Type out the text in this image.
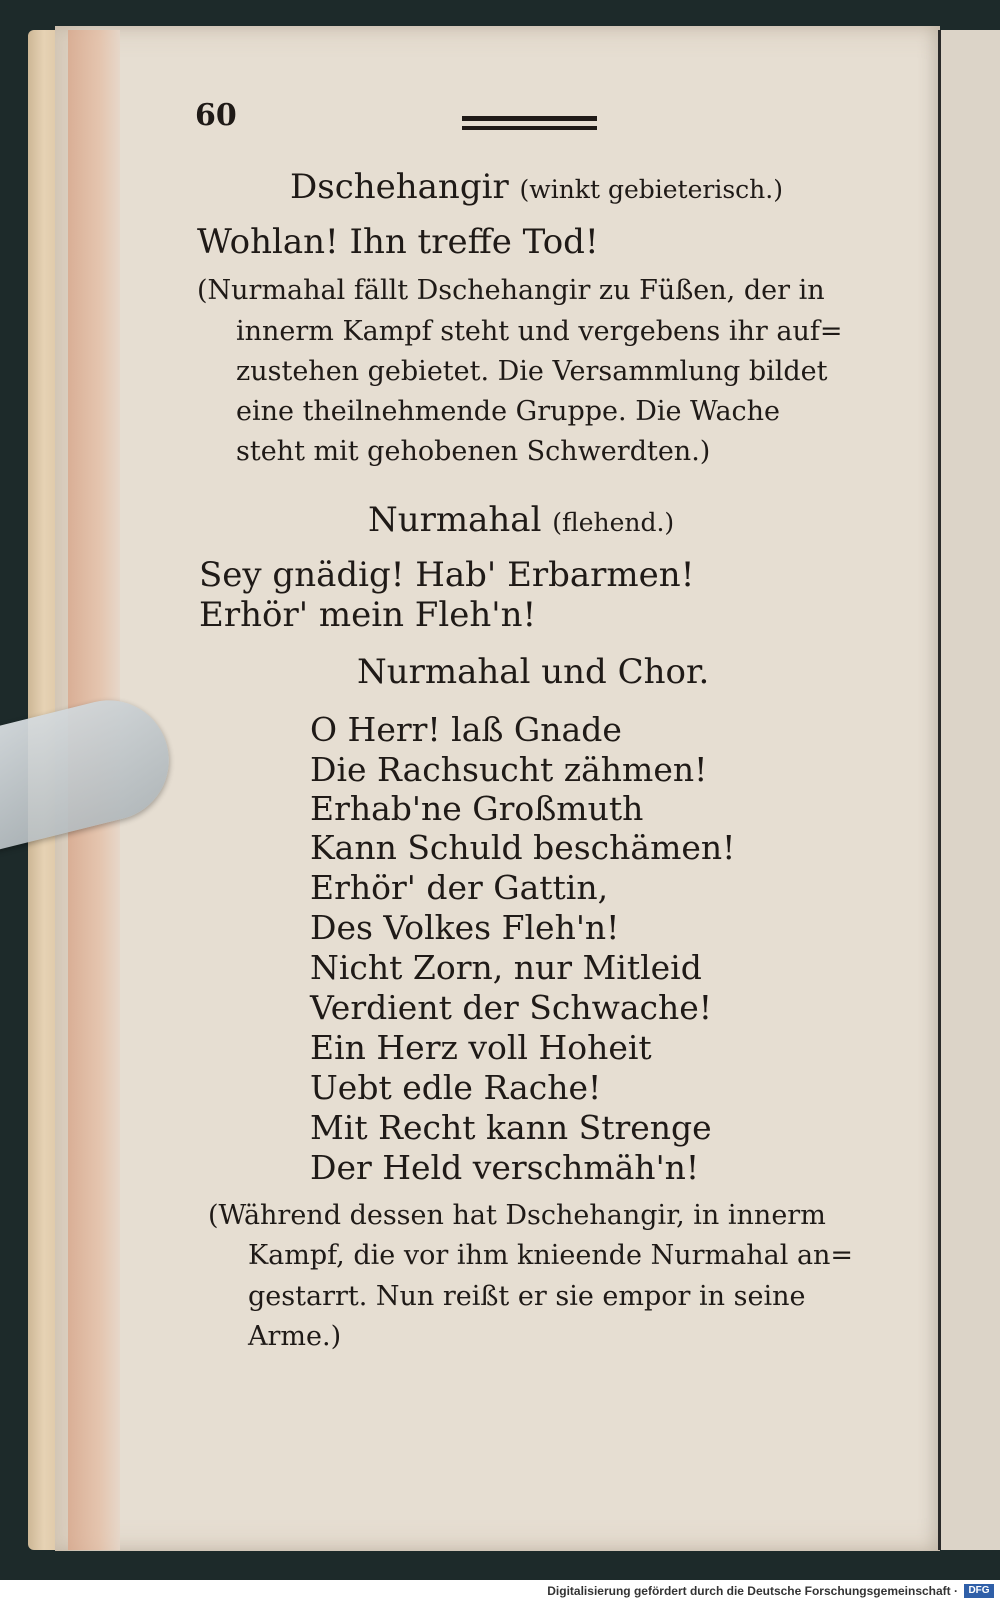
60
Dschehangir (winkt gebieterisch.)
Wohlan! Ihn treffe Tod!
(Nurmahal fällt Dschehangir zu Füßen, der in
innerm Kampf steht und vergebens ihr auf=
zustehen gebietet. Die Versammlung bildet
eine theilnehmende Gruppe. Die Wache
steht mit gehobenen Schwerdten.)
Nurmahal (flehend.)
Sey gnädig! Hab' Erbarmen!
Erhör' mein Fleh'n!
Nurmahal und Chor.
O Herr! laß Gnade
Die Rachsucht zähmen!
Erhab'ne Großmuth
Kann Schuld beschämen!
Erhör' der Gattin,
Des Volkes Fleh'n!
Nicht Zorn, nur Mitleid
Verdient der Schwache!
Ein Herz voll Hoheit
Uebt edle Rache!
Mit Recht kann Strenge
Der Held verschmäh'n!
(Während dessen hat Dschehangir, in innerm
Kampf, die vor ihm knieende Nurmahal an=
gestarrt. Nun reißt er sie empor in seine
Arme.)
Digitalisierung gefördert durch die Deutsche Forschungsgemeinschaft ·	DFG
